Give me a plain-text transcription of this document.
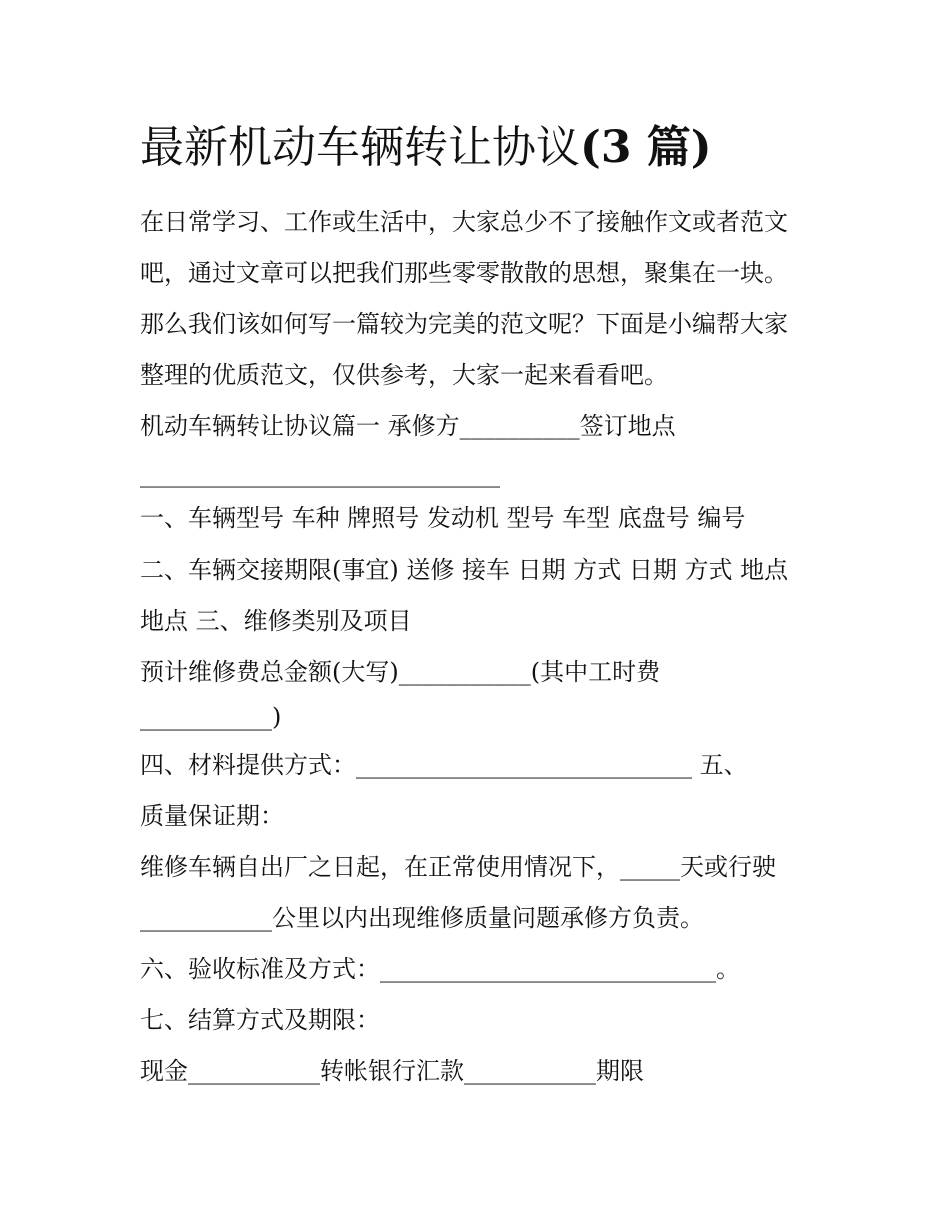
最新机动车辆转让协议(3 篇)

在日常学习、工作或生活中，大家总少不了接触作文或者范文

吧，通过文章可以把我们那些零零散散的思想，聚集在一块。

那么我们该如何写一篇较为完美的范文呢？下面是小编帮大家

整理的优质范文，仅供参考，大家一起来看看吧。

机动车辆转让协议篇一 承修方__________签订地点

______________________________

一、车辆型号 车种 牌照号 发动机 型号 车型 底盘号 编号

二、车辆交接期限(事宜) 送修 接车 日期 方式 日期 方式 地点

地点 三、维修类别及项目

预计维修费总金额(大写)___________(其中工时费

___________)

四、材料提供方式：____________________________ 五、

质量保证期：

维修车辆自出厂之日起，在正常使用情况下，_____天或行驶

___________公里以内出现维修质量问题承修方负责。

六、验收标准及方式：____________________________。

七、结算方式及期限：

现金___________转帐银行汇款___________期限
